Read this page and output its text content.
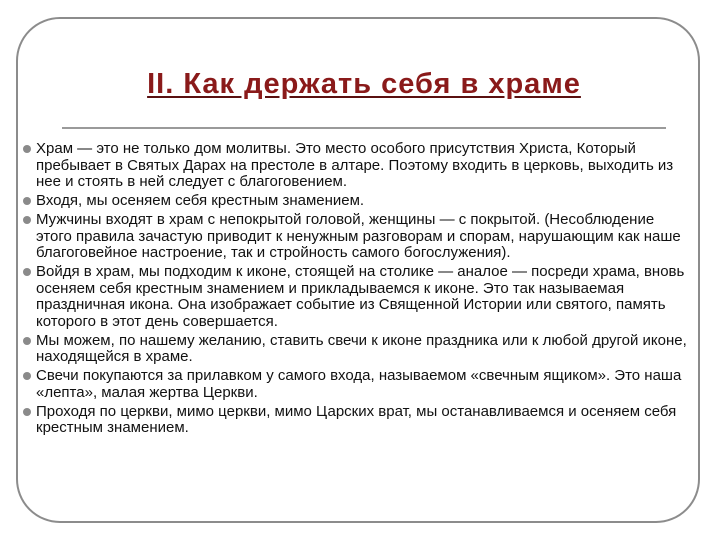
II. Как держать себя в храме
Храм — это не только дом молитвы. Это место особого присутствия Христа, Который пребывает в Святых Дарах на престоле в алтаре. Поэтому входить в церковь, выходить из нее и стоять в ней следует с благоговением.
Входя, мы осеняем себя крестным знамением.
Мужчины входят в храм с непокрытой головой, женщины — с покрытой. (Несоблюдение этого правила зачастую приводит к ненужным разговорам и спорам, нарушающим как наше благоговейное настроение, так и стройность самого богослужения).
Войдя в храм, мы подходим к иконе, стоящей на столике — аналое — посреди храма, вновь осеняем себя крестным знамением и прикладываемся к иконе. Это так называемая праздничная икона. Она изображает событие из Священной Истории или святого, память которого в этот день совершается.
Мы можем, по нашему желанию, ставить свечи к иконе праздника или к любой другой иконе, находящейся в храме.
Свечи покупаются за прилавком у самого входа, называемом «свечным ящиком». Это наша «лепта», малая жертва Церкви.
Проходя по церкви, мимо церкви, мимо Царских врат, мы останавливаемся и осеняем себя крестным знамением.
